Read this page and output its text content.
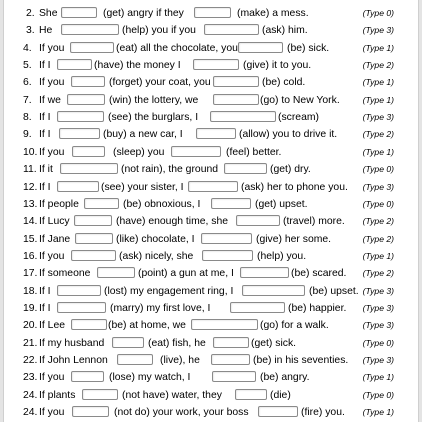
2. She	(get) angry if they	(make) a mess.	(Type 0)
3. He	(help) you if you	(ask) him.	(Type 3)
4. If you	(eat) all the chocolate, you	(be) sick.	(Type 1)
5. If I	(have) the money I	(give) it to you.	(Type 2)
6. If you	(forget) your coat, you	(be) cold.	(Type 1)
7. If we	(win) the lottery, we	(go) to New York.	(Type 1)
8. If I	(see) the burglars, I	(scream)	(Type 3)
9. If I	(buy) a new car, I	(allow) you to drive it.	(Type 2)
10. If you	(sleep) you	(feel) better.	(Type 1)
11. If it	(not rain), the ground	(get) dry.	(Type 0)
12. If I	(see) your sister, I	(ask) her to phone you. (Type 3)
13. If people	(be) obnoxious, I	(get) upset.	(Type 0)
14. If Lucy	(have) enough time, she	(travel) more. (Type 2)
15. If Jane	(like) chocolate, I	(give) her some.	(Type 2)
16. If you	(ask) nicely, she	(help) you.	(Type 1)
17. If someone	(point) a gun at me, I	(be) scared. (Type 2)
18. If I	(lost) my engagement ring, I	(be) upset. (Type 3)
19. If I	(marry) my first love, I	(be) happier. (Type 3)
20. If Lee	(be) at home, we	(go) for a walk.	(Type 3)
21. If my husband	(eat) fish, he	(get) sick.	(Type 0)
22. If John Lennon	(live), he	(be) in his seventies. (Type 3)
23. If you	(lose) my watch, I	(be) angry.	(Type 1)
24. If plants	(not have) water, they	(die)	(Type 0)
24. If you	(not do) your work, your boss	(fire) you. (Type 1)
